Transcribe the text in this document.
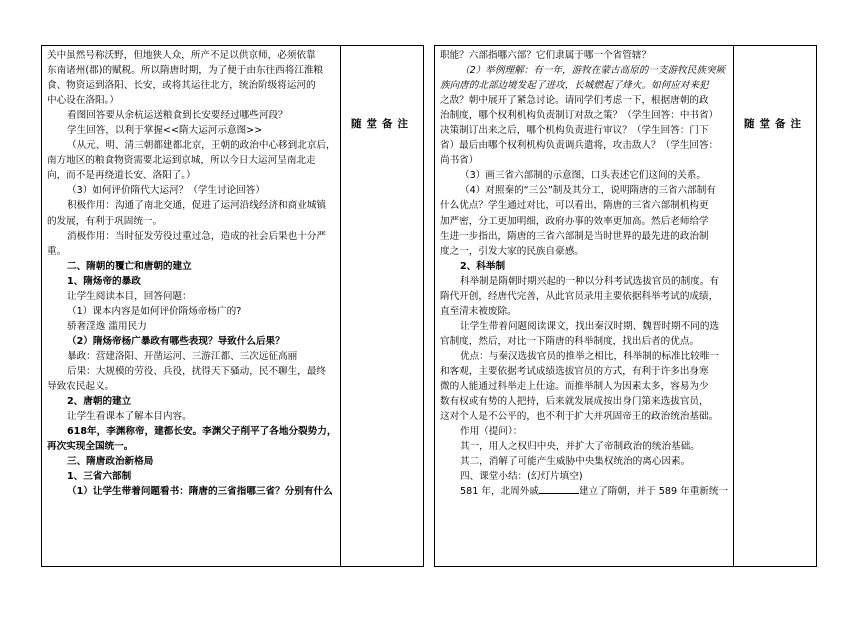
关中虽然号称沃野，但地狭人众，所产不足以供京师，必须依靠
东南诸州(郡)的赋税。所以隋唐时期，为了便于由东往西将江淮粮
食、物资运到洛阳、长安，或将其运往北方，统治阶级将运河的
中心设在洛阳。）
看图回答要从余杭运送粮食到长安要经过哪些河段？
学生回答，以利于掌握<<隋大运河示意图>>
（从元、明、清三朝都建都北京，王朝的政治中心移到北京后，
南方地区的粮食物资需要北运到京城，所以今日大运河呈南北走
向，而不是再绕道长安、洛阳了。）
（3）如何评价隋代大运河？（学生讨论回答）
积极作用：沟通了南北交通，促进了运河沿线经济和商业城镇
的发展，有利于巩固统一。
消极作用：当时征发劳役过重过急，造成的社会后果也十分严
重。
二、隋朝的覆亡和唐朝的建立
1、隋炀帝的暴政
让学生阅读本目，回答问题：
（1）课本内容是如何评价隋炀帝杨广的?
骄奢淫逸 滥用民力
（2）隋炀帝杨广暴政有哪些表现？导致什么后果？
暴政：营建洛阳、开凿运河、三游江都、三次远征高丽
后果：大规模的劳役、兵役，扰得天下骚动，民不聊生，最终
导致农民起义。
2、唐朝的建立
让学生看课本了解本目内容。
618年，李渊称帝，建都长安。李渊父子削平了各地分裂势力，
再次实现全国统一。
三、隋唐政治新格局
1、三省六部制
（1）让学生带着问题看书：隋唐的三省指哪三省？分别有什么
随堂备注
职能？六部指哪六部？它们隶属于哪一个省管辖？
（2）举例理解：有一年，游牧在蒙古高原的一支游牧民族突厥
族向唐的北部边境发起了进攻，长城燃起了烽火。如何应对来犯
之敌？朝中展开了紧急讨论。请同学们考虑一下，根据唐朝的政
治制度，哪个权利机构负责制订对敌之策？（学生回答：中书省）
决策制订出来之后，哪个机构负责进行审议？（学生回答：门下
省）最后由哪个权利机构负责调兵遣将，攻击敌人？（学生回答：
尚书省）
（3）画三省六部制的示意图，口头表述它们这间的关系。
（4）对照秦的“三公”制及其分工，说明隋唐的三省六部制有
什么优点？学生通过对比，可以看出，隋唐的三省六部制机构更
加严密，分工更加明细，政府办事的效率更加高。然后老师给学
生进一步指出，隋唐的三省六部制是当时世界的最先进的政治制
度之一，引发大家的民族自豪感。
2、科举制
科举制是隋朝时期兴起的一种以分科考试选拔官员的制度。有
隋代开创，经唐代完善，从此官员录用主要依据科举考试的成绩，
直至清末被废除。
让学生带着问题阅读课文，找出秦汉时期、魏晋时期不同的选
官制度，然后，对比一下隋唐的科举制度，找出后者的优点。
优点：与秦汉选拔官员的推举之相比，科举制的标准比较唯一
和客观，主要依据考试成绩选拔官员的方式，有利于许多出身寒
微的人能通过科举走上仕途。而推举制人为因素太多，容易为少
数有权或有势的人把持，后来就发展成按出身门第来选拔官员，
这对个人是不公平的，也不利于扩大并巩固帝王的政治统治基础。
作用（提问）：
其一，用人之权归中央，并扩大了帝制政治的统治基础。
其二，消解了可能产生威胁中央集权统治的离心因素。
四、课堂小结：(幻灯片填空)
581 年，北周外戚	建立了隋朝，并于 589 年重新统一
随堂备注
